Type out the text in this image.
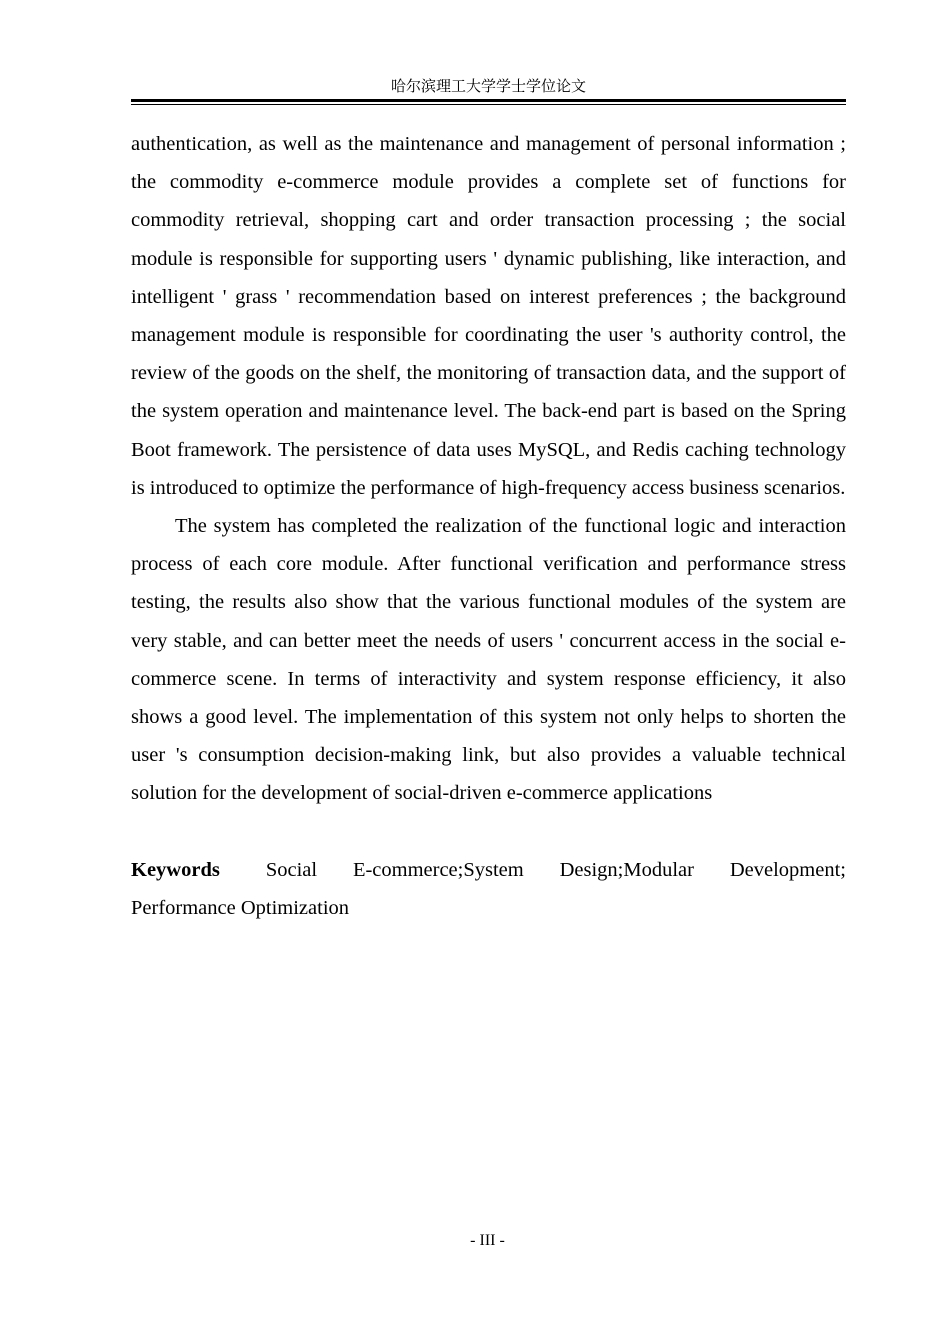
哈尔滨理工大学学士学位论文

authentication, as well as the maintenance and management of personal information ; the commodity e-commerce module provides a complete set of functions for commodity retrieval, shopping cart and order transaction processing ; the social module is responsible for supporting users ' dynamic publishing, like interaction, and intelligent ' grass ' recommendation based on interest preferences ; the background management module is responsible for coordinating the user 's authority control, the review of the goods on the shelf, the monitoring of transaction data, and the support of the system operation and maintenance level. The back-end part is based on the Spring Boot framework. The persistence of data uses MySQL, and Redis caching technology is introduced to optimize the performance of high-frequency access business scenarios.

The system has completed the realization of the functional logic and interaction process of each core module. After functional verification and performance stress testing, the results also show that the various functional modules of the system are very stable, and can better meet the needs of users ' concurrent access in the social e-commerce scene. In terms of interactivity and system response efficiency, it also shows a good level. The implementation of this system not only helps to shorten the user 's consumption decision-making link, but also provides a valuable technical solution for the development of social-driven e-commerce applications

Keywords Social E-commerce;System Design;Modular Development; Performance Optimization

- III -
